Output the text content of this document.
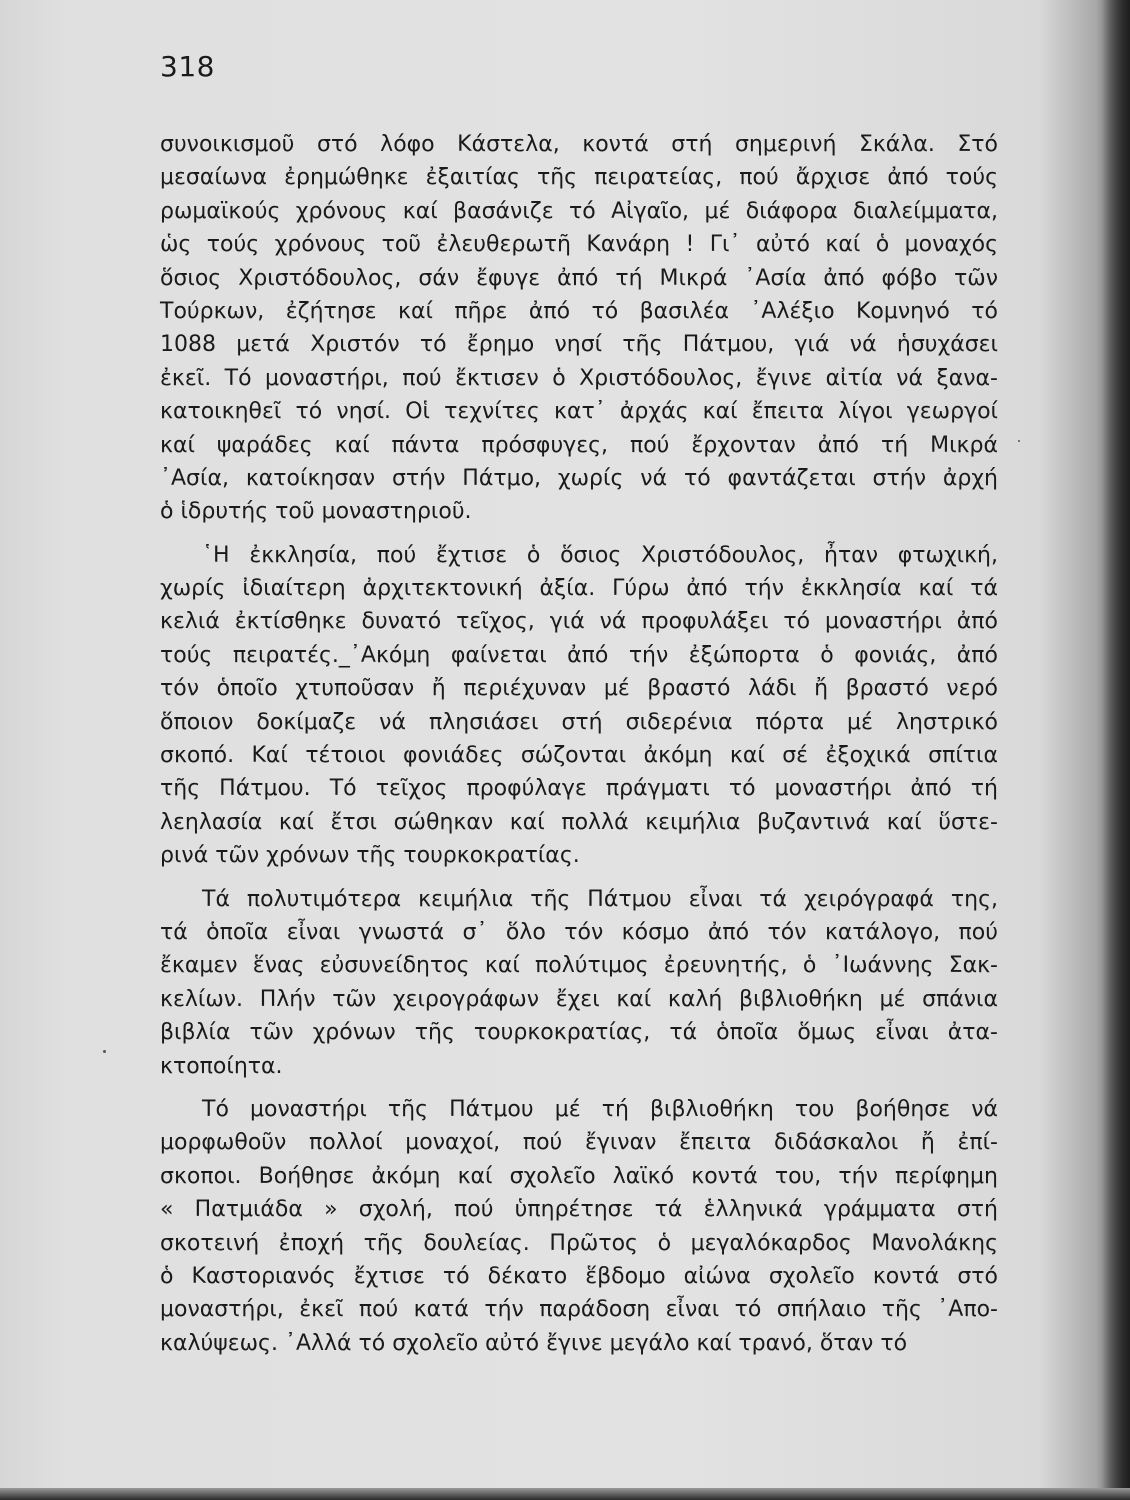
318
συνοικισμοῦ στό λόφο Κάστελα, κοντά στή σημερινή Σκάλα. Στό
μεσαίωνα ἐρημώθηκε ἐξαιτίας τῆς πειρατείας, πού ἄρχισε ἀπό τούς
ρωμαϊκούς χρόνους καί βασάνιζε τό Αἰγαῖο, μέ διάφορα διαλείμματα,
ὡς τούς χρόνους τοῦ ἐλευθερωτῆ Κανάρη ! Γι᾿ αὐτό καί ὁ μοναχός
ὅσιος Χριστόδουλος, σάν ἔφυγε ἀπό τή Μικρά ᾿Ασία ἀπό φόβο τῶν
Τούρκων, ἐζήτησε καί πῆρε ἀπό τό βασιλέα ᾿Αλέξιο Κομνηνό τό
1088 μετά Χριστόν τό ἔρημο νησί τῆς Πάτμου, γιά νά ἡσυχάσει
ἐκεῖ. Τό μοναστήρι, πού ἔκτισεν ὁ Χριστόδουλος, ἔγινε αἰτία νά ξανα-
κατοικηθεῖ τό νησί. Οἱ τεχνίτες κατ᾿ ἀρχάς καί ἔπειτα λίγοι γεωργοί
καί ψαράδες καί πάντα πρόσφυγες, πού ἔρχονταν ἀπό τή Μικρά
᾿Ασία, κατοίκησαν στήν Πάτμο, χωρίς νά τό φαντάζεται στήν ἀρχή
ὁ ἱδρυτής τοῦ μοναστηριοῦ.
῾Η ἐκκλησία, πού ἔχτισε ὁ ὅσιος Χριστόδουλος, ἦταν φτωχική,
χωρίς ἰδιαίτερη ἀρχιτεκτονική ἀξία. Γύρω ἀπό τήν ἐκκλησία καί τά
κελιά ἐκτίσθηκε δυνατό τεῖχος, γιά νά προφυλάξει τό μοναστήρι ἀπό
τούς πειρατές._᾿Ακόμη φαίνεται ἀπό τήν ἐξώπορτα ὁ φονιάς, ἀπό
τόν ὁποῖο χτυποῦσαν ἤ περιέχυναν μέ βραστό λάδι ἤ βραστό νερό
ὅποιον δοκίμαζε νά πλησιάσει στή σιδερένια πόρτα μέ ληστρικό
σκοπό. Καί τέτοιοι φονιάδες σώζονται ἀκόμη καί σέ ἐξοχικά σπίτια
τῆς Πάτμου. Τό τεῖχος προφύλαγε πράγματι τό μοναστήρι ἀπό τή
λεηλασία καί ἔτσι σώθηκαν καί πολλά κειμήλια βυζαντινά καί ὕστε-
ρινά τῶν χρόνων τῆς τουρκοκρατίας.
Τά πολυτιμότερα κειμήλια τῆς Πάτμου εἶναι τά χειρόγραφά της,
τά ὁποῖα εἶναι γνωστά σ᾿ ὅλο τόν κόσμο ἀπό τόν κατάλογο, πού
ἔκαμεν ἕνας εὐσυνείδητος καί πολύτιμος ἐρευνητής, ὁ ᾿Ιωάννης Σακ-
κελίων. Πλήν τῶν χειρογράφων ἔχει καί καλή βιβλιοθήκη μέ σπάνια
βιβλία τῶν χρόνων τῆς τουρκοκρατίας, τά ὁποῖα ὅμως εἶναι ἀτα-
κτοποίητα.
Τό μοναστήρι τῆς Πάτμου μέ τή βιβλιοθήκη του βοήθησε νά
μορφωθοῦν πολλοί μοναχοί, πού ἔγιναν ἔπειτα διδάσκαλοι ἤ ἐπί-
σκοποι. Βοήθησε ἀκόμη καί σχολεῖο λαϊκό κοντά του, τήν περίφημη
« Πατμιάδα » σχολή, πού ὑπηρέτησε τά ἑλληνικά γράμματα στή
σκοτεινή ἐποχή τῆς δουλείας. Πρῶτος ὁ μεγαλόκαρδος Μανολάκης
ὁ Καστοριανός ἔχτισε τό δέκατο ἕβδομο αἰώνα σχολεῖο κοντά στό
μοναστήρι, ἐκεῖ πού κατά τήν παράδοση εἶναι τό σπήλαιο τῆς ᾿Απο-
καλύψεως. ᾿Αλλά τό σχολεῖο αὐτό ἔγινε μεγάλο καί τρανό, ὅταν τό
